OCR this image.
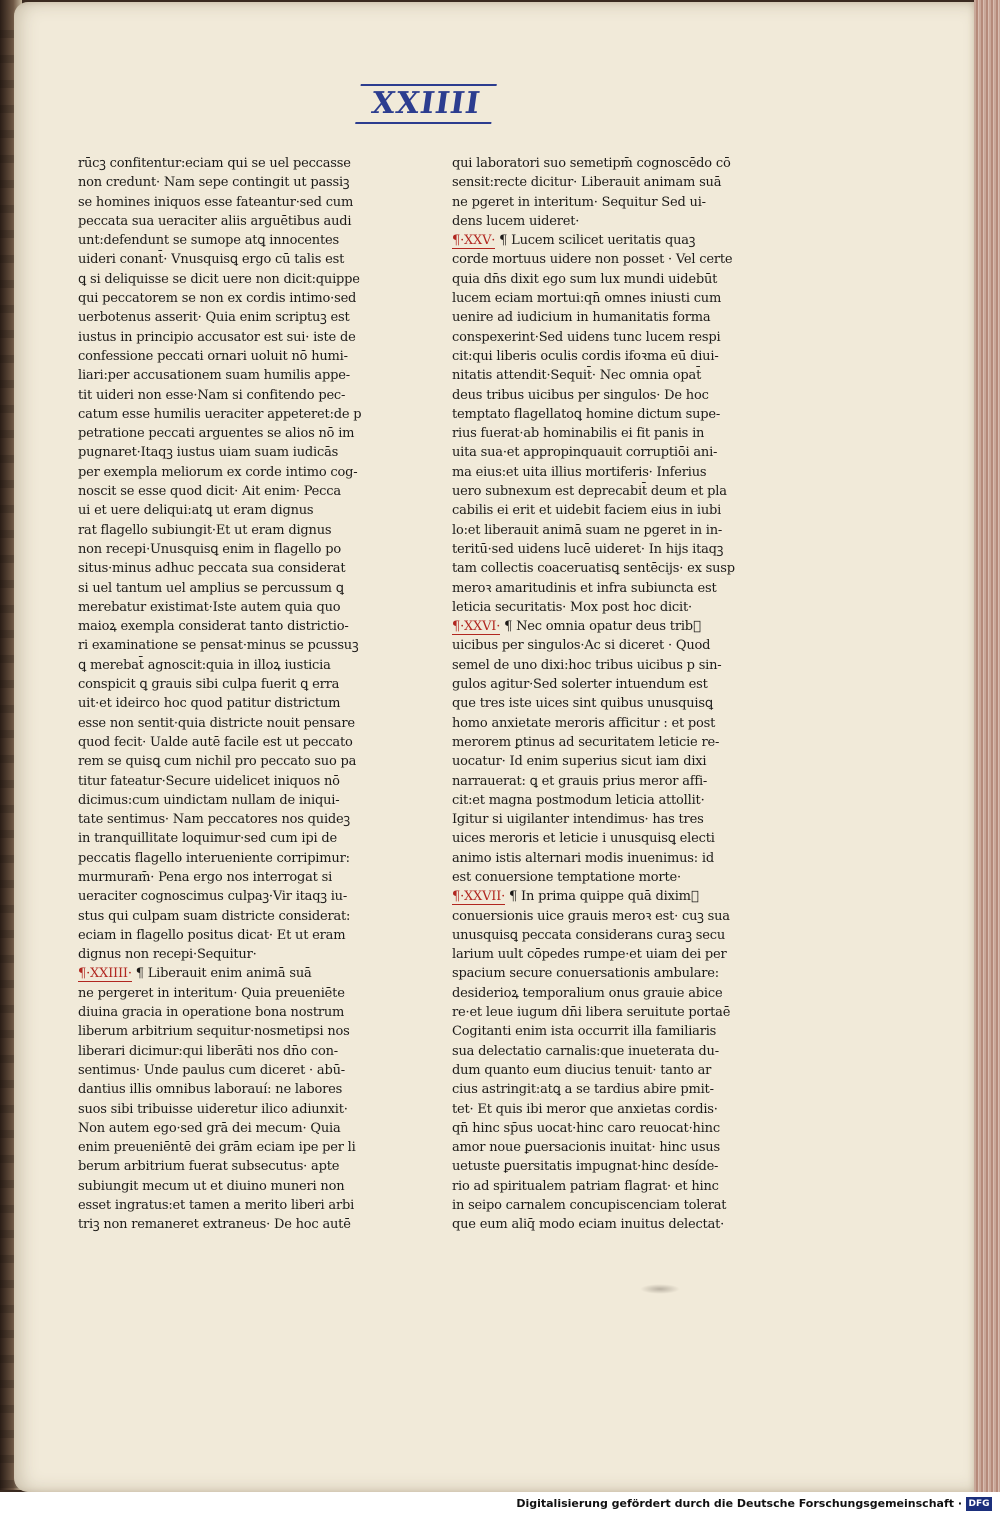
XXIIII
rūcꝫ confitentur:eciam qui se uel peccasse
non credunt· Nam sepe contingit ut passiꝫ
se homines iniquos esse fateantur·sed cum
peccata sua ueraciter aliis arguētibus audi
unt:defendunt se sumope atꝗ innocentes
uideri conant̄· Vnusquisꝗ ergo cū talis est
ꝗ si deliquisse se dicit uere non dicit:quippe
qui peccatorem se non ex cordis intimo·sed
uerbotenus asserit· Quia enim scriptuꝫ est
iustus in principio accusator est sui· iste de
confessione peccati ornari uoluit nō humi-
liari:per accusationem suam humilis appe-
tit uideri non esse·Nam si confitendo pec-
catum esse humilis ueraciter appeteret:de p
petratione peccati arguentes se alios nō im
pugnaret·Itaqꝫ iustus uiam suam iudicās
per exempla meliorum ex corde intimo cog-
noscit se esse quod dicit· Ait enim· Pecca
ui et uere deliqui:atꝗ ut eram dignus
rat flagello subiungit·Et ut eram dignus
non recepi·Unusquisꝗ enim in flagello po
situs·minus adhuc peccata sua considerat
si uel tantum uel amplius se percussum ꝗ
merebatur existimat·Iste autem quia quo
maioꝝ exempla considerat tanto districtio-
ri examinatione se pensat·minus se pcussuꝫ
ꝗ merebat̄ agnoscit:quia in illoꝝ iusticia
conspicit ꝗ grauis sibi culpa fuerit ꝗ erra
uit·et ideirco hoc quod patitur districtum
esse non sentit·quia districte nouit pensare
quod fecit· Ualde autē facile est ut peccato
rem se quisꝗ cum nichil pro peccato suo pa
titur fateatur·Secure uidelicet iniquos nō
dicimus:cum uindictam nullam de iniqui-
tate sentimus· Nam peccatores nos quideꝫ
in tranquillitate loquimur·sed cum ipi de
peccatis flagello interueniente corripimur:
murmuram̄· Pena ergo nos interrogat si
ueraciter cognoscimus culpaꝫ·Vir itaqꝫ iu-
stus qui culpam suam districte considerat:
eciam in flagello positus dicat· Et ut eram
dignus non recepi·Sequitur·
¶·XXIIII· ¶ Liberauit enim animā suā
ne pergeret in interitum· Quia preueniēte
diuina gracia in operatione bona nostrum
liberum arbitrium sequitur·nosmetipsi nos
liberari dicimur:qui liberāti nos dn̄o con-
sentimus· Unde paulus cum diceret · abū-
dantius illis omnibus laborauí: ne labores
suos sibi tribuisse uideretur ilico adiunxit·
Non autem ego·sed grā dei mecum· Quia
enim preueniēntē dei grām eciam ipe per li
berum arbitrium fuerat subsecutus· apte
subiungit mecum ut et diuino muneri non
esset ingratus:et tamen a merito liberi arbi
triꝫ non remaneret extraneus· De hoc autē
qui laboratori suo semetipm̄ cognoscēdo cō
sensit:recte dicitur· Liberauit animam suā
ne pgeret in interitum· Sequitur Sed ui-
dens lucem uideret·
¶·XXV· ¶ Lucem scilicet ueritatis quaꝫ
corde mortuus uidere non posset · Vel certe
quia dn̄s dixit ego sum lux mundi uidebūt
lucem eciam mortui:qn̄ omnes iniusti cum
uenire ad iudicium in humanitatis forma
conspexerint·Sed uidens tunc lucem respi
cit:qui liberis oculis cordis ifoꝛma eū diui-
nitatis attendit·Sequit̄· Nec omnia opat̄
deus tribus uicibus per singulos· De hoc
temptato flagellatoꝗ homine dictum supe-
rius fuerat·ab hominabilis ei fit panis in
uita sua·et appropinquauit corruptiōi ani-
ma eius:et uita illius mortiferis· Inferius
uero subnexum est deprecabit̄ deum et pla
cabilis ei erit et uidebit faciem eius in iubi
lo:et liberauit animā suam ne pgeret in in-
teritū·sed uidens lucē uideret· In hijs itaqꝫ
tam collectis coaceruatisꝗ sentēcijs· ex susp
meroꝛ amaritudinis et infra subiuncta est
leticia securitatis· Mox post hoc dicit·
¶·XXVI· ¶ Nec omnia opatur deus trib᷒
uicibus per singulos·Ac si diceret · Quod
semel de uno dixi:hoc tribus uicibus p sin-
gulos agitur·Sed solerter intuendum est
que tres iste uices sint quibus unusquisꝗ
homo anxietate meroris afficitur : et post
merorem ꝑtinus ad securitatem leticie re-
uocatur· Id enim superius sicut iam dixi
narrauerat: ꝗ et grauis prius meror affi-
cit:et magna postmodum leticia attollit·
Igitur si uigilanter intendimus· has tres
uices meroris et leticie i unusquisꝗ electi
animo istis alternari modis inuenimus: id
est conuersione temptatione morte·
¶·XXVII· ¶ In prima quippe quā dixim᷒
conuersionis uice grauis meroꝛ est· cuꝫ sua
unusquisꝗ peccata considerans curaꝫ secu
larium uult cōpedes rumpe·et uiam dei per
spacium secure conuersationis ambulare:
desiderioꝝ temporalium onus grauie abice
re·et leue iugum dn̄i libera seruitute portaē
Cogitanti enim ista occurrit illa familiaris
sua delectatio carnalis:que inueterata du-
dum quanto eum diucius tenuit· tanto ar
cius astringit:atꝗ a se tardius abire pmit-
tet· Et quis ibi meror que anxietas cordis·
qn̄ hinc sp̄us uocat·hinc caro reuocat·hinc
amor noue ꝑuersacionis inuitat· hinc usus
uetuste ꝑuersitatis impugnat·hinc desíde-
rio ad spiritualem patriam flagrat· et hinc
in seipo carnalem concupiscenciam tolerat
que eum aliq̄ modo eciam inuitus delectat·
Digitalisierung gefördert durch die Deutsche Forschungsgemeinschaft · DFG
